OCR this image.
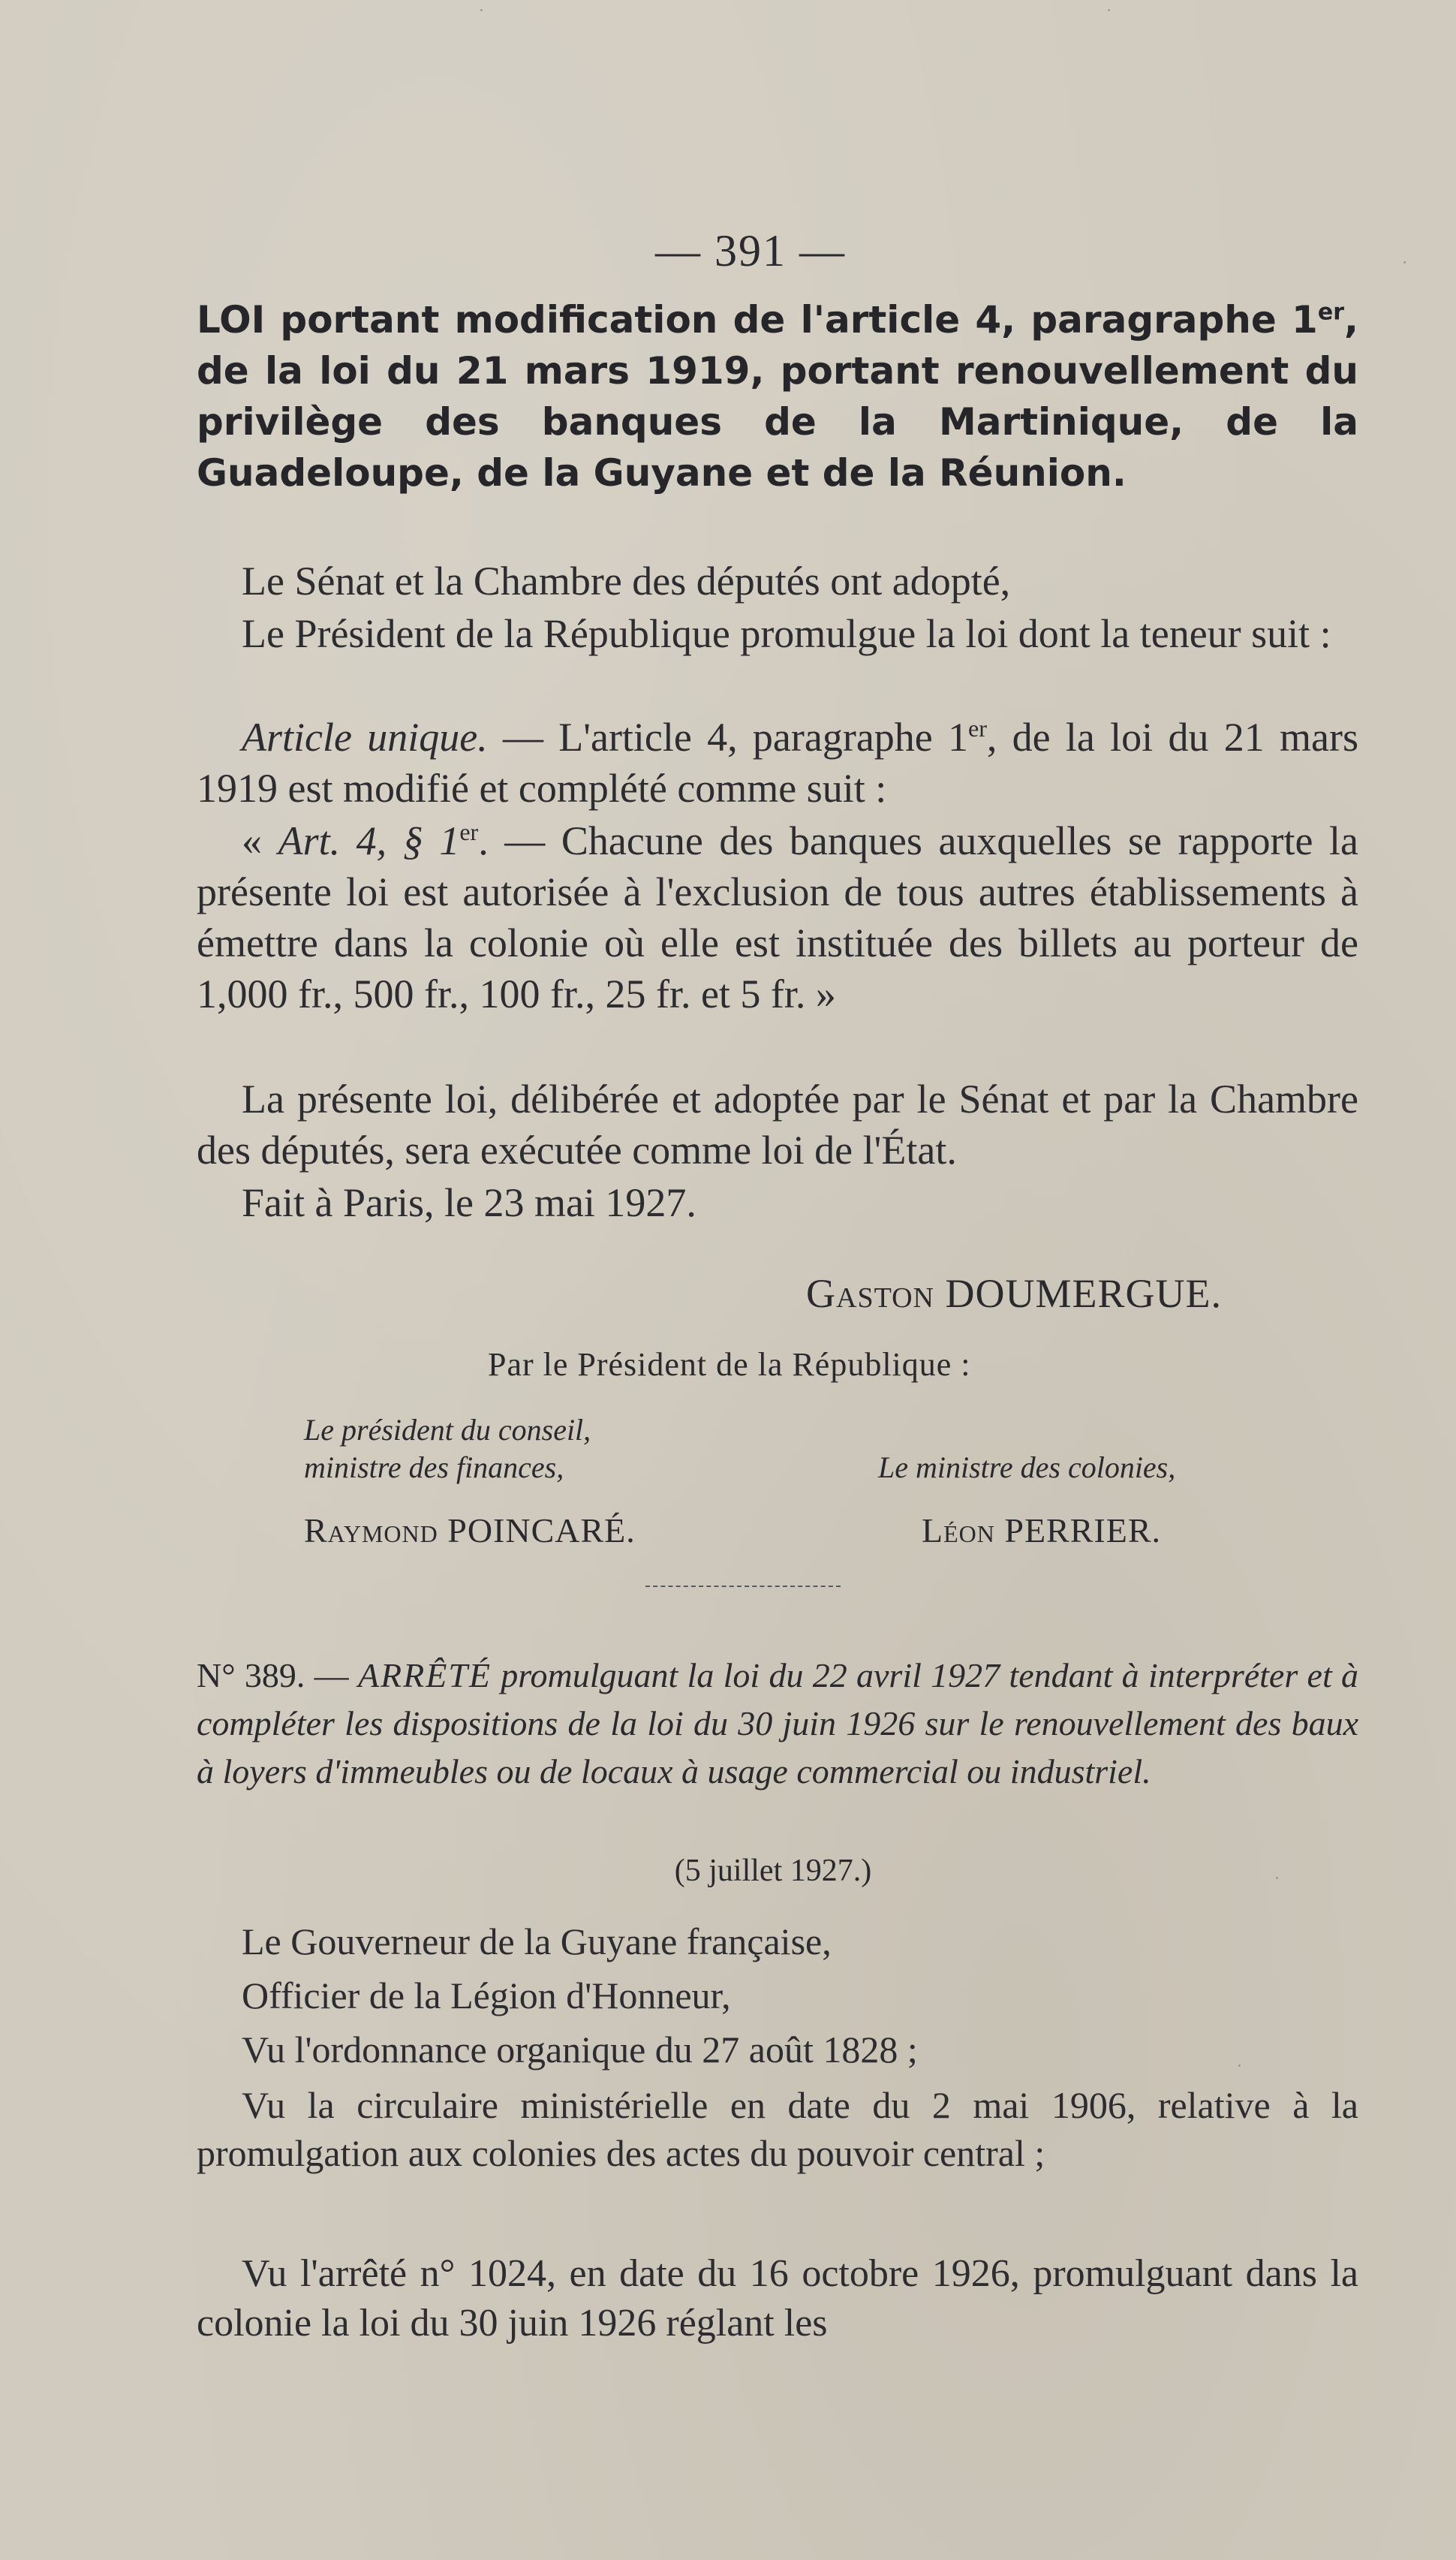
— 391 —
LOI portant modification de l'article 4, paragraphe 1er, de la loi du 21 mars 1919, portant renouvellement du privilège des banques de la Martinique, de la Guadeloupe, de la Guyane et de la Réunion.
Le Sénat et la Chambre des députés ont adopté,
Le Président de la République promulgue la loi dont la teneur suit :
Article unique. — L'article 4, paragraphe 1er, de la loi du 21 mars 1919 est modifié et complété comme suit :
« Art. 4, § 1er. — Chacune des banques auxquelles se rapporte la présente loi est autorisée à l'exclusion de tous autres établissements à émettre dans la colonie où elle est instituée des billets au porteur de 1,000 fr., 500 fr., 100 fr., 25 fr. et 5 fr. »
La présente loi, délibérée et adoptée par le Sénat et par la Chambre des députés, sera exécutée comme loi de l'État.
Fait à Paris, le 23 mai 1927.
Gaston DOUMERGUE.
Par le Président de la République :
Le président du conseil,
ministre des finances,
Raymond POINCARÉ.
Le ministre des colonies,
Léon PERRIER.
N° 389. — ARRÊTÉ promulguant la loi du 22 avril 1927 tendant à interpréter et à compléter les dispositions de la loi du 30 juin 1926 sur le renouvellement des baux à loyers d'immeubles ou de locaux à usage commercial ou industriel.
(5 juillet 1927.)
Le Gouverneur de la Guyane française,
Officier de la Légion d'Honneur,
Vu l'ordonnance organique du 27 août 1828 ;
Vu la circulaire ministérielle en date du 2 mai 1906, relative à la promulgation aux colonies des actes du pouvoir central ;
Vu l'arrêté n° 1024, en date du 16 octobre 1926, promulguant dans la colonie la loi du 30 juin 1926 réglant les
